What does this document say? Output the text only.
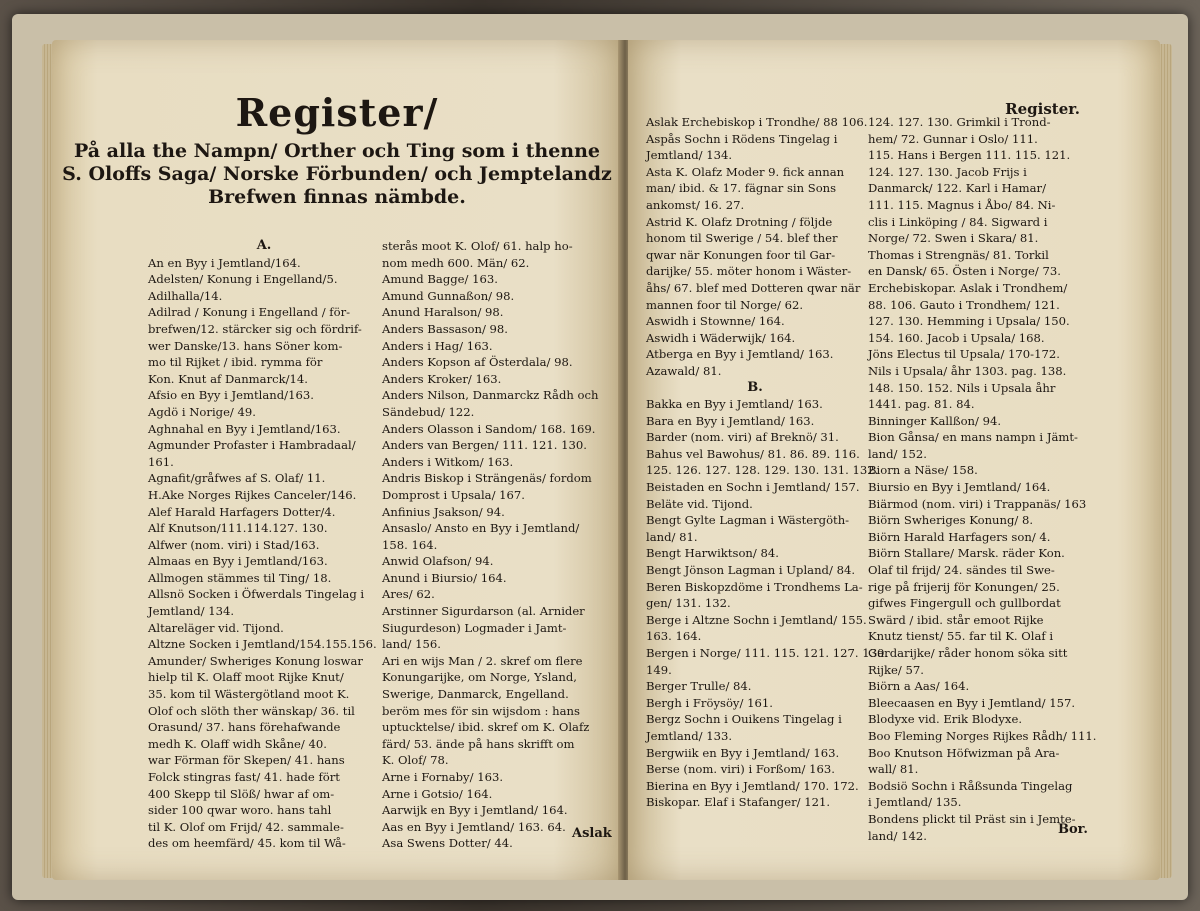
Register/
På alla the Nampn/ Orther och Ting som i thenne S. Oloffs Saga/ Norske Förbunden/ och Jemptelandz Brefwen finnas nämbde.
A.
An en Byy i Jemtland/164.
Adelsten/ Konung i Engelland/5.
Adilhalla/14.
Adilrad / Konung i Engelland / för-
brefwen/12. stärcker sig och fördrif-
wer Danske/13. hans Söner kom-
mo til Rijket / ibid. rymma för
Kon. Knut af Danmarck/14.
Afsio en Byy i Jemtland/163.
Agdö i Norige/ 49.
Aghnahal en Byy i Jemtland/163.
Agmunder Profaster i Hambradaal/
161.
Agnafit/gråfwes af S. Olaf/ 11.
H.Ake Norges Rijkes Canceler/146.
Alef Harald Harfagers Dotter/4.
Alf Knutson/111.114.127. 130.
Alfwer (nom. viri) i Stad/163.
Almaas en Byy i Jemtland/163.
Allmogen stämmes til Ting/ 18.
Allsnö Socken i Öfwerdals Tingelag i
Jemtland/ 134.
Altareläger vid. Tijond.
Altzne Socken i Jemtland/154.155.156.
Amunder/ Swheriges Konung loswar
hielp til K. Olaff moot Rijke Knut/
35. kom til Wästergötland moot K.
Olof och slöth ther wänskap/ 36. til
Orasund/ 37. hans förehafwande
medh K. Olaff widh Skåne/ 40.
war Förman för Skepen/ 41. hans
Folck stingras fast/ 41. hade fört
400 Skepp til Slöß/ hwar af om-
sider 100 qwar woro. hans tahl
til K. Olof om Frijd/ 42. sammale-
des om heemfärd/ 45. kom til Wå-
sterås moot K. Olof/ 61. halp ho-
nom medh 600. Män/ 62.
Amund Bagge/ 163.
Amund Gunnaßon/ 98.
Anund Haralson/ 98.
Anders Bassason/ 98.
Anders i Hag/ 163.
Anders Kopson af Österdala/ 98.
Anders Kroker/ 163.
Anders Nilson, Danmarckz Rådh och
Sändebud/ 122.
Anders Olasson i Sandom/ 168. 169.
Anders van Bergen/ 111. 121. 130.
Anders i Witkom/ 163.
Andris Biskop i Strängenäs/ fordom
Domprost i Upsala/ 167.
Anfinius Jsakson/ 94.
Ansaslo/ Ansto en Byy i Jemtland/
158. 164.
Anwid Olafson/ 94.
Anund i Biursio/ 164.
Ares/ 62.
Arstinner Sigurdarson (al. Arnider
Siugurdeson) Logmader i Jamt-
land/ 156.
Ari en wijs Man / 2. skref om flere
Konungarijke, om Norge, Ysland,
Swerige, Danmarck, Engelland.
beröm mes för sin wijsdom : hans
uptucktelse/ ibid. skref om K. Olafz
färd/ 53. ände på hans skrifft om
K. Olof/ 78.
Arne i Fornaby/ 163.
Arne i Gotsio/ 164.
Aarwijk en Byy i Jemtland/ 164.
Aas en Byy i Jemtland/ 163. 64.
Asa Swens Dotter/ 44.
Aslak
Register.
Aslak Erchebiskop i Trondhe/ 88 106.
Aspås Sochn i Rödens Tingelag i
Jemtland/ 134.
Asta K. Olafz Moder 9. fick annan
man/ ibid. & 17. fägnar sin Sons
ankomst/ 16. 27.
Astrid K. Olafz Drotning / följde
honom til Swerige / 54. blef ther
qwar när Konungen foor til Gar-
darijke/ 55. möter honom i Wäster-
åhs/ 67. blef med Dotteren qwar när
mannen foor til Norge/ 62.
Aswidh i Stownne/ 164.
Aswidh i Wäderwijk/ 164.
Atberga en Byy i Jemtland/ 163.
Azawald/ 81.
B.
Bakka en Byy i Jemtland/ 163.
Bara en Byy i Jemtland/ 163.
Barder (nom. viri) af Breknö/ 31.
Bahus vel Bawohus/ 81. 86. 89. 116.
125. 126. 127. 128. 129. 130. 131. 132.
Beistaden en Sochn i Jemtland/ 157.
Beläte vid. Tijond.
Bengt Gylte Lagman i Wästergöth-
land/ 81.
Bengt Harwiktson/ 84.
Bengt Jönson Lagman i Upland/ 84.
Beren Biskopzdöme i Trondhems La-
gen/ 131. 132.
Berge i Altzne Sochn i Jemtland/ 155.
163. 164.
Bergen i Norge/ 111. 115. 121. 127. 130.
149.
Berger Trulle/ 84.
Bergh i Fröysöy/ 161.
Bergz Sochn i Ouikens Tingelag i
Jemtland/ 133.
Bergwiik en Byy i Jemtland/ 163.
Berse (nom. viri) i Forßom/ 163.
Bierina en Byy i Jemtland/ 170. 172.
Biskopar. Elaf i Stafanger/ 121.
124. 127. 130. Grimkil i Trond-
hem/ 72. Gunnar i Oslo/ 111.
115. Hans i Bergen 111. 115. 121.
124. 127. 130. Jacob Frijs i
Danmarck/ 122. Karl i Hamar/
111. 115. Magnus i Åbo/ 84. Ni-
clis i Linköping / 84. Sigward i
Norge/ 72. Swen i Skara/ 81.
Thomas i Strengnäs/ 81. Torkil
en Dansk/ 65. Östen i Norge/ 73.
Erchebiskopar. Aslak i Trondhem/
88. 106. Gauto i Trondhem/ 121.
127. 130. Hemming i Upsala/ 150.
154. 160. Jacob i Upsala/ 168.
Jöns Electus til Upsala/ 170-172.
Nils i Upsala/ åhr 1303. pag. 138.
148. 150. 152. Nils i Upsala åhr
1441. pag. 81. 84.
Binninger Kallßon/ 94.
Bion Gånsa/ en mans nampn i Jämt-
land/ 152.
Biorn a Näse/ 158.
Biursio en Byy i Jemtland/ 164.
Biärmod (nom. viri) i Trappanäs/ 163
Biörn Swheriges Konung/ 8.
Biörn Harald Harfagers son/ 4.
Biörn Stallare/ Marsk. räder Kon.
Olaf til frijd/ 24. sändes til Swe-
rige på frijerij för Konungen/ 25.
gifwes Fingergull och gullbordat
Swärd / ibid. står emoot Rijke
Knutz tienst/ 55. far til K. Olaf i
Gardarijke/ råder honom söka sitt
Rijke/ 57.
Biörn a Aas/ 164.
Bleecaasen en Byy i Jemtland/ 157.
Blodyxe vid. Erik Blodyxe.
Boo Fleming Norges Rijkes Rådh/ 111.
Boo Knutson Höfwizman på Ara-
wall/ 81.
Bodsiö Sochn i Råßsunda Tingelag
i Jemtland/ 135.
Bondens plickt til Präst sin i Jemte-
land/ 142.	Bor.
